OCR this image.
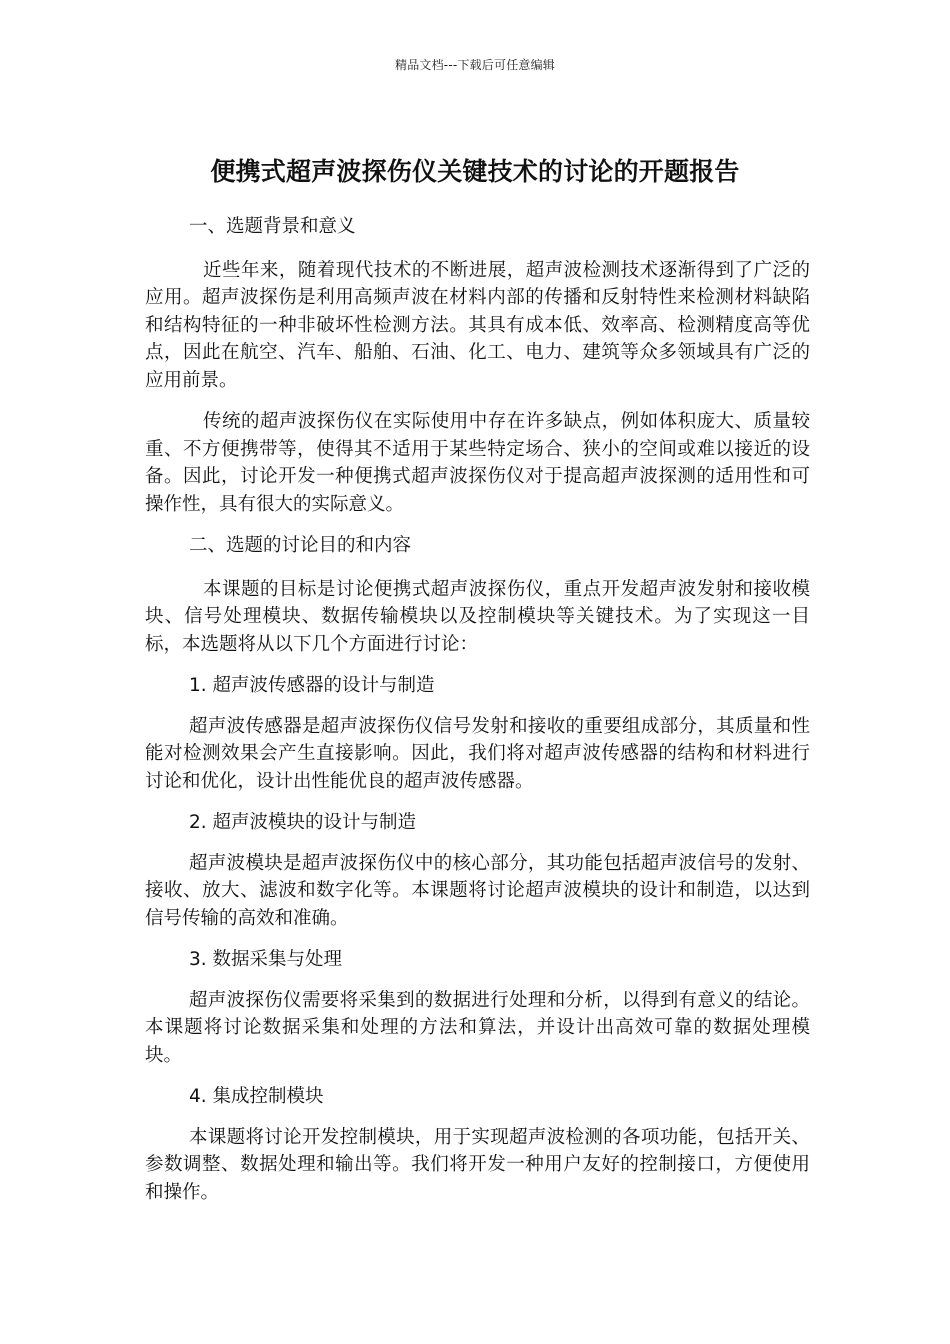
精品文档---下载后可任意编辑
便携式超声波探伤仪关键技术的讨论的开题报告

一、选题背景和意义

近些年来，随着现代技术的不断进展，超声波检测技术逐渐得到了广泛的应用。超声波探伤是利用高频声波在材料内部的传播和反射特性来检测材料缺陷和结构特征的一种非破坏性检测方法。其具有成本低、效率高、检测精度高等优点，因此在航空、汽车、船舶、石油、化工、电力、建筑等众多领域具有广泛的应用前景。

传统的超声波探伤仪在实际使用中存在许多缺点，例如体积庞大、质量较重、不方便携带等，使得其不适用于某些特定场合、狭小的空间或难以接近的设备。因此，讨论开发一种便携式超声波探伤仪对于提高超声波探测的适用性和可操作性，具有很大的实际意义。

二、选题的讨论目的和内容

本课题的目标是讨论便携式超声波探伤仪，重点开发超声波发射和接收模块、信号处理模块、数据传输模块以及控制模块等关键技术。为了实现这一目标，本选题将从以下几个方面进行讨论：

1. 超声波传感器的设计与制造

超声波传感器是超声波探伤仪信号发射和接收的重要组成部分，其质量和性能对检测效果会产生直接影响。因此，我们将对超声波传感器的结构和材料进行讨论和优化，设计出性能优良的超声波传感器。

2. 超声波模块的设计与制造

超声波模块是超声波探伤仪中的核心部分，其功能包括超声波信号的发射、接收、放大、滤波和数字化等。本课题将讨论超声波模块的设计和制造，以达到信号传输的高效和准确。

3. 数据采集与处理

超声波探伤仪需要将采集到的数据进行处理和分析，以得到有意义的结论。本课题将讨论数据采集和处理的方法和算法，并设计出高效可靠的数据处理模块。

4. 集成控制模块

本课题将讨论开发控制模块，用于实现超声波检测的各项功能，包括开关、参数调整、数据处理和输出等。我们将开发一种用户友好的控制接口，方便使用和操作。
